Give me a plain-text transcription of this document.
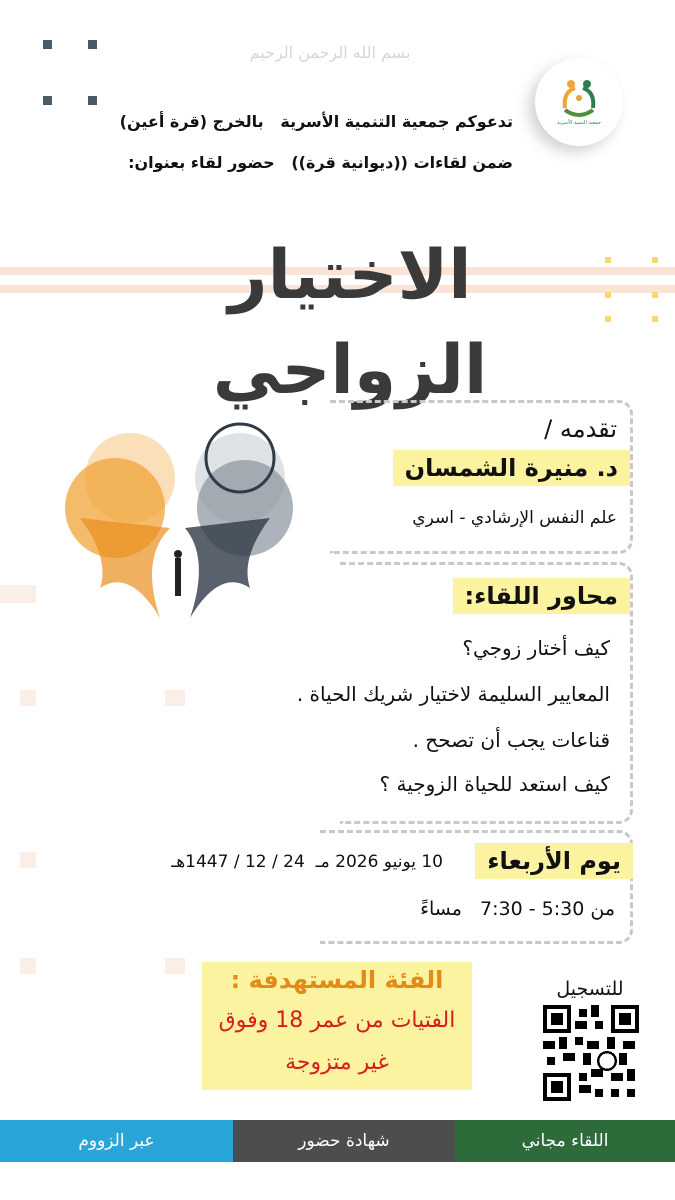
بسم الله الرحمن الرحيم
جمعية التنمية الأسرية
تدعوكم جمعية التنمية الأسرية   بالخرج (قرة أعين)
ضمن لقاءات ((ديوانية قرة))   حضور لقاء بعنوان:
الاختيار الزواجي
تقدمه /
د. منيرة الشمسان
علم النفس الإرشادي - اسري
محاور اللقاء:
كيف أختار زوجي؟
المعايير السليمة لاختيار شريك الحياة .
قناعات يجب أن تصحح .
كيف استعد للحياة الزوجية ؟
يوم الأربعاء
10 يونيو 2026 مـ  24 / 12 / 1447هـ
من 5:30 - 7:30   مساءً
الفئة المستهدفة :
الفتيات من عمر 18 وفوق
غير متزوجة
للتسجيل
عبر الزووم	شهادة حضور	اللقاء مجاني
